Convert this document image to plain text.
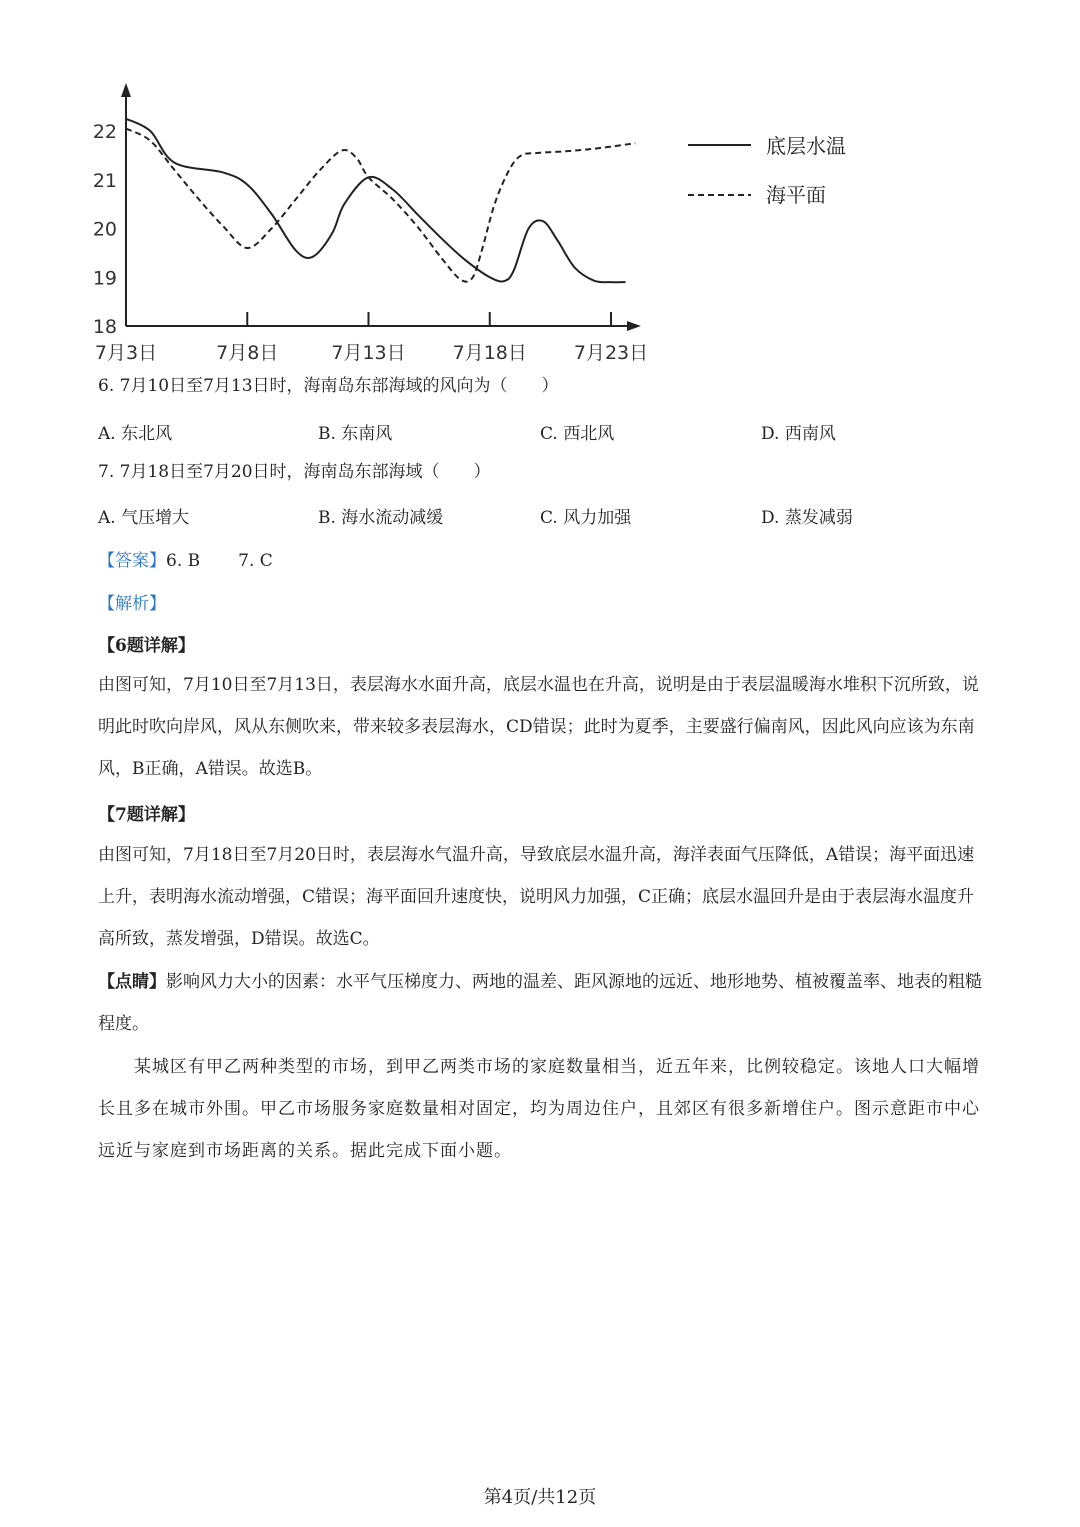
22
21
20
19
18
7月3日	7月8日	7月13日 7月18日 7月23日
底层水温
海平面
6. 7月10日至7月13日时，海南岛东部海域的风向为（　　）
A. 东北风	B. 东南风	C. 西北风	D. 西南风
7. 7月18日至7月20日时，海南岛东部海域（　　）
A. 气压增大	B. 海水流动减缓	C. 风力加强	D. 蒸发减弱
【答案】6. B 7. C
【解析】
【6题详解】
由图可知，7月10日至7月13日，表层海水水面升高，底层水温也在升高，说明是由于表层温暖海水堆积下沉所致，说明此时吹向岸风，风从东侧吹来，带来较多表层海水，CD错误；此时为夏季，主要盛行偏南风，因此风向应该为东南风，B正确，A错误。故选B。
【7题详解】
由图可知，7月18日至7月20日时，表层海水气温升高，导致底层水温升高，海洋表面气压降低，A错误；海平面迅速上升，表明海水流动增强，C错误；海平面回升速度快，说明风力加强，C正确；底层水温回升是由于表层海水温度升高所致，蒸发增强，D错误。故选C。
【点睛】影响风力大小的因素：水平气压梯度力、两地的温差、距风源地的远近、地形地势、植被覆盖率、地表的粗糙程度。
某城区有甲乙两种类型的市场，到甲乙两类市场的家庭数量相当，近五年来，比例较稳定。该地人口大幅增长且多在城市外围。甲乙市场服务家庭数量相对固定，均为周边住户，且郊区有很多新增住户。图示意距市中心远近与家庭到市场距离的关系。据此完成下面小题。
第4页/共12页
